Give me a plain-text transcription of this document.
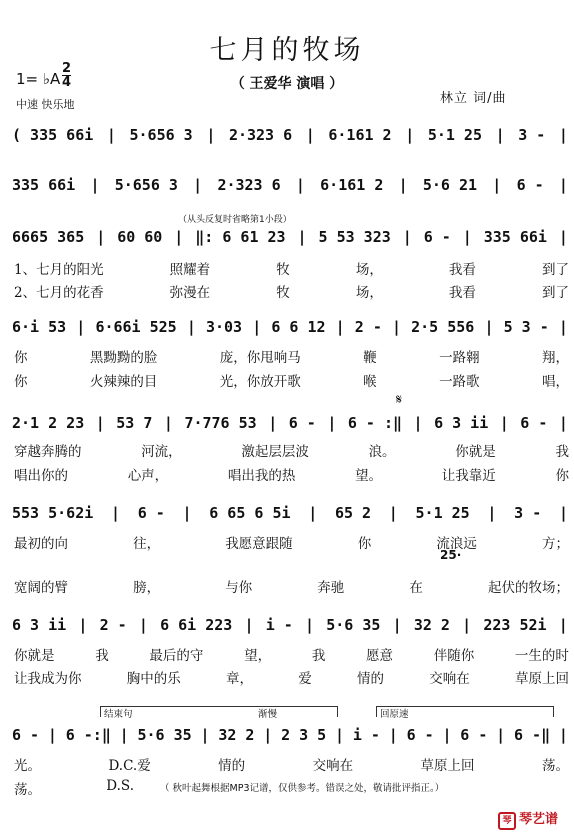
七月的牧场
（ 王爱华 演唱 ）
1= ♭A
2
4
中速 快乐地	林立 词/曲
（从头反复时省略第1小段）
25·
𝄋
结束句	渐慢	回原速
( 335 66i | 5·656 3 | 2·323 6 | 6·161 2 | 5·1 25 | 3 - |
335 66i | 5·656 3 | 2·323 6 | 6·161 2 | 5·6 21 | 6 - |
6665 365 | 60 60 | ‖: 6 61 23 | 5 53 323 | 6 - | 335 66i |
6·i 53 | 6·66i 525 | 3·03 | 6 6 12 | 2 - | 2·5 556 | 5 3 - |
2·1 2 23 | 53 7 | 7·776 53 | 6 - | 6 - :‖ | 6 3 ii | 6 - |
553 5·62i | 6 - | 6 65 6 5i | 65 2 | 5·1 25 | 3 - |
6 3 ii | 2 - | 6 6i 223 | i - | 5·6 35 | 32 2 | 223 52i |
6 - | 6 -:‖ | 5·6 35 | 32 2 | 2 3 5 | i - | 6 - | 6 - | 6 -‖ |
1、七月的阳光	照耀着	牧	场，	我看	到了
2、七月的花香	弥漫在	牧	场，	我看	到了
你	黑黝黝的脸	庞，你甩响马	鞭	一路翱	翔，
你	火辣辣的目	光，你放开歌	喉	一路歌	唱，
穿越奔腾的	河流，	激起层层波	浪。	你就是	我
唱出你的	心声，	唱出我的热	望。	让我靠近	你
最初的向	往，	我愿意跟随	你	流浪远	方；
宽阔的臂	膀，	与你	奔驰	在	起伏的牧场；
你就是	我	最后的守	望，	我	愿意	伴随你	一生的时
让我成为你	胸中的乐	章，	爱	情的	交响在	草原上回
光。	D.C.爱	情的	交响在	草原上回	荡。
荡。	D.S.	（ 秋叶起舞根据MP3记谱，仅供参考。错误之处，敬请批评指正。）
琴 琴艺谱
